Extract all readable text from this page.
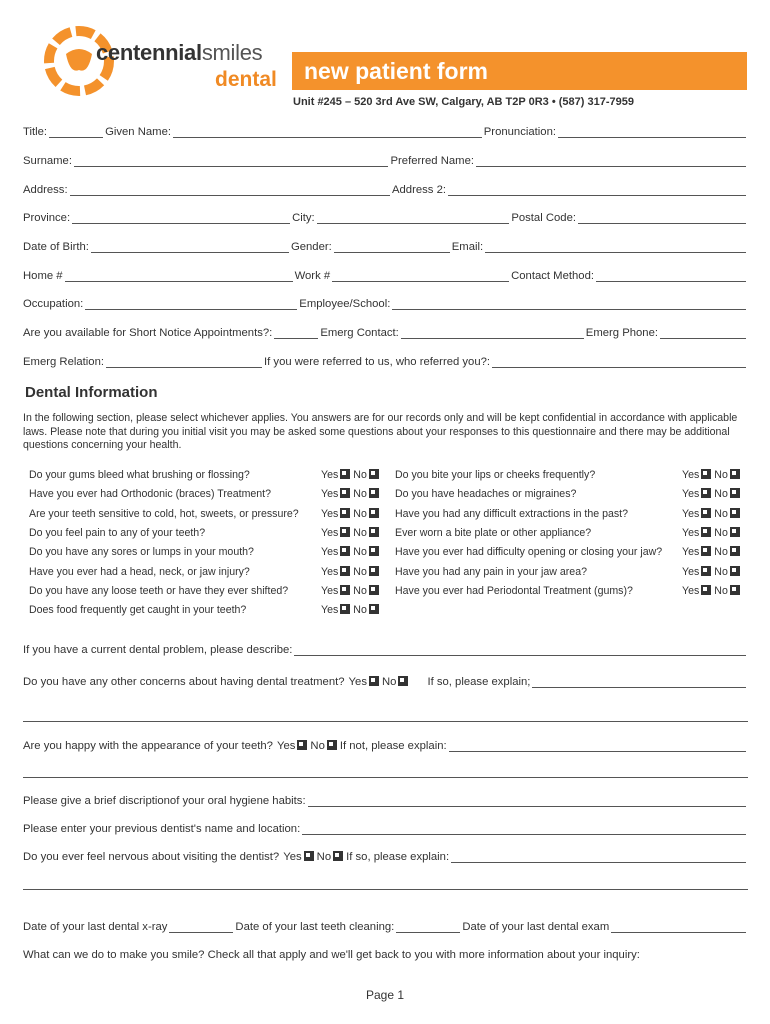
centennialsmiles
dental	new patient form
Unit #245 – 520 3rd Ave SW, Calgary, AB T2P 0R3 • (587) 317-7959
Title:	Given Name:	Pronunciation:
Surname:	Preferred Name:
Address:	Address 2:
Province:	City:	Postal Code:
Date of Birth:	Gender:	Email:
Home #	Work #	Contact Method:
Occupation:	Employee/School:
Are you available for Short Notice Appointments?:	Emerg Contact:	Emerg Phone:
Emerg Relation:	If you were referred to us, who referred you?:
Dental Information
In the following section, please select whichever applies. You answers are for our records only and will be kept confidential in accordance with applicable laws. Please note that during you initial visit you may be asked some questions about your responses to this questionnaire and there may be additional questions concerning your health.
Do your gums bleed what brushing or flossing?	Yes No
Have you ever had Orthodonic (braces) Treatment?	Yes No
Are your teeth sensitive to cold, hot, sweets, or pressure? Yes No
Do you feel pain to any of your teeth?	Yes No
Do you have any sores or lumps in your mouth?	Yes No
Have you ever had a head, neck, or jaw injury?	Yes No
Do you have any loose teeth or have they ever shifted?	Yes No
Does food frequently get caught in your teeth?	Yes No
Do you bite your lips or cheeks frequently?	Yes No
Do you have headaches or migraines?	Yes No
Have you had any difficult extractions in the past?	Yes No
Ever worn a bite plate or other appliance?	Yes No
Have you ever had difficulty opening or closing your jaw? Yes No
Have you had any pain in your jaw area?	Yes No
Have you ever had Periodontal Treatment (gums)?	Yes No
If you have a current dental problem, please describe:
Do you have any other concerns about having dental treatment? Yes	No	If so, please explain;
Are you happy with the appearance of your teeth? Yes	No	If not, please explain:
Please give a brief discriptionof your oral hygiene habits:
Please enter your previous dentist's name and location:
Do you ever feel nervous about visiting the dentist? Yes	No	If so, please explain:
Date of your last dental x-ray	Date of your last teeth cleaning:	Date of your last dental exam
What can we do to make you smile? Check all that apply and we'll get back to you with more information about your inquiry:
Page 1
